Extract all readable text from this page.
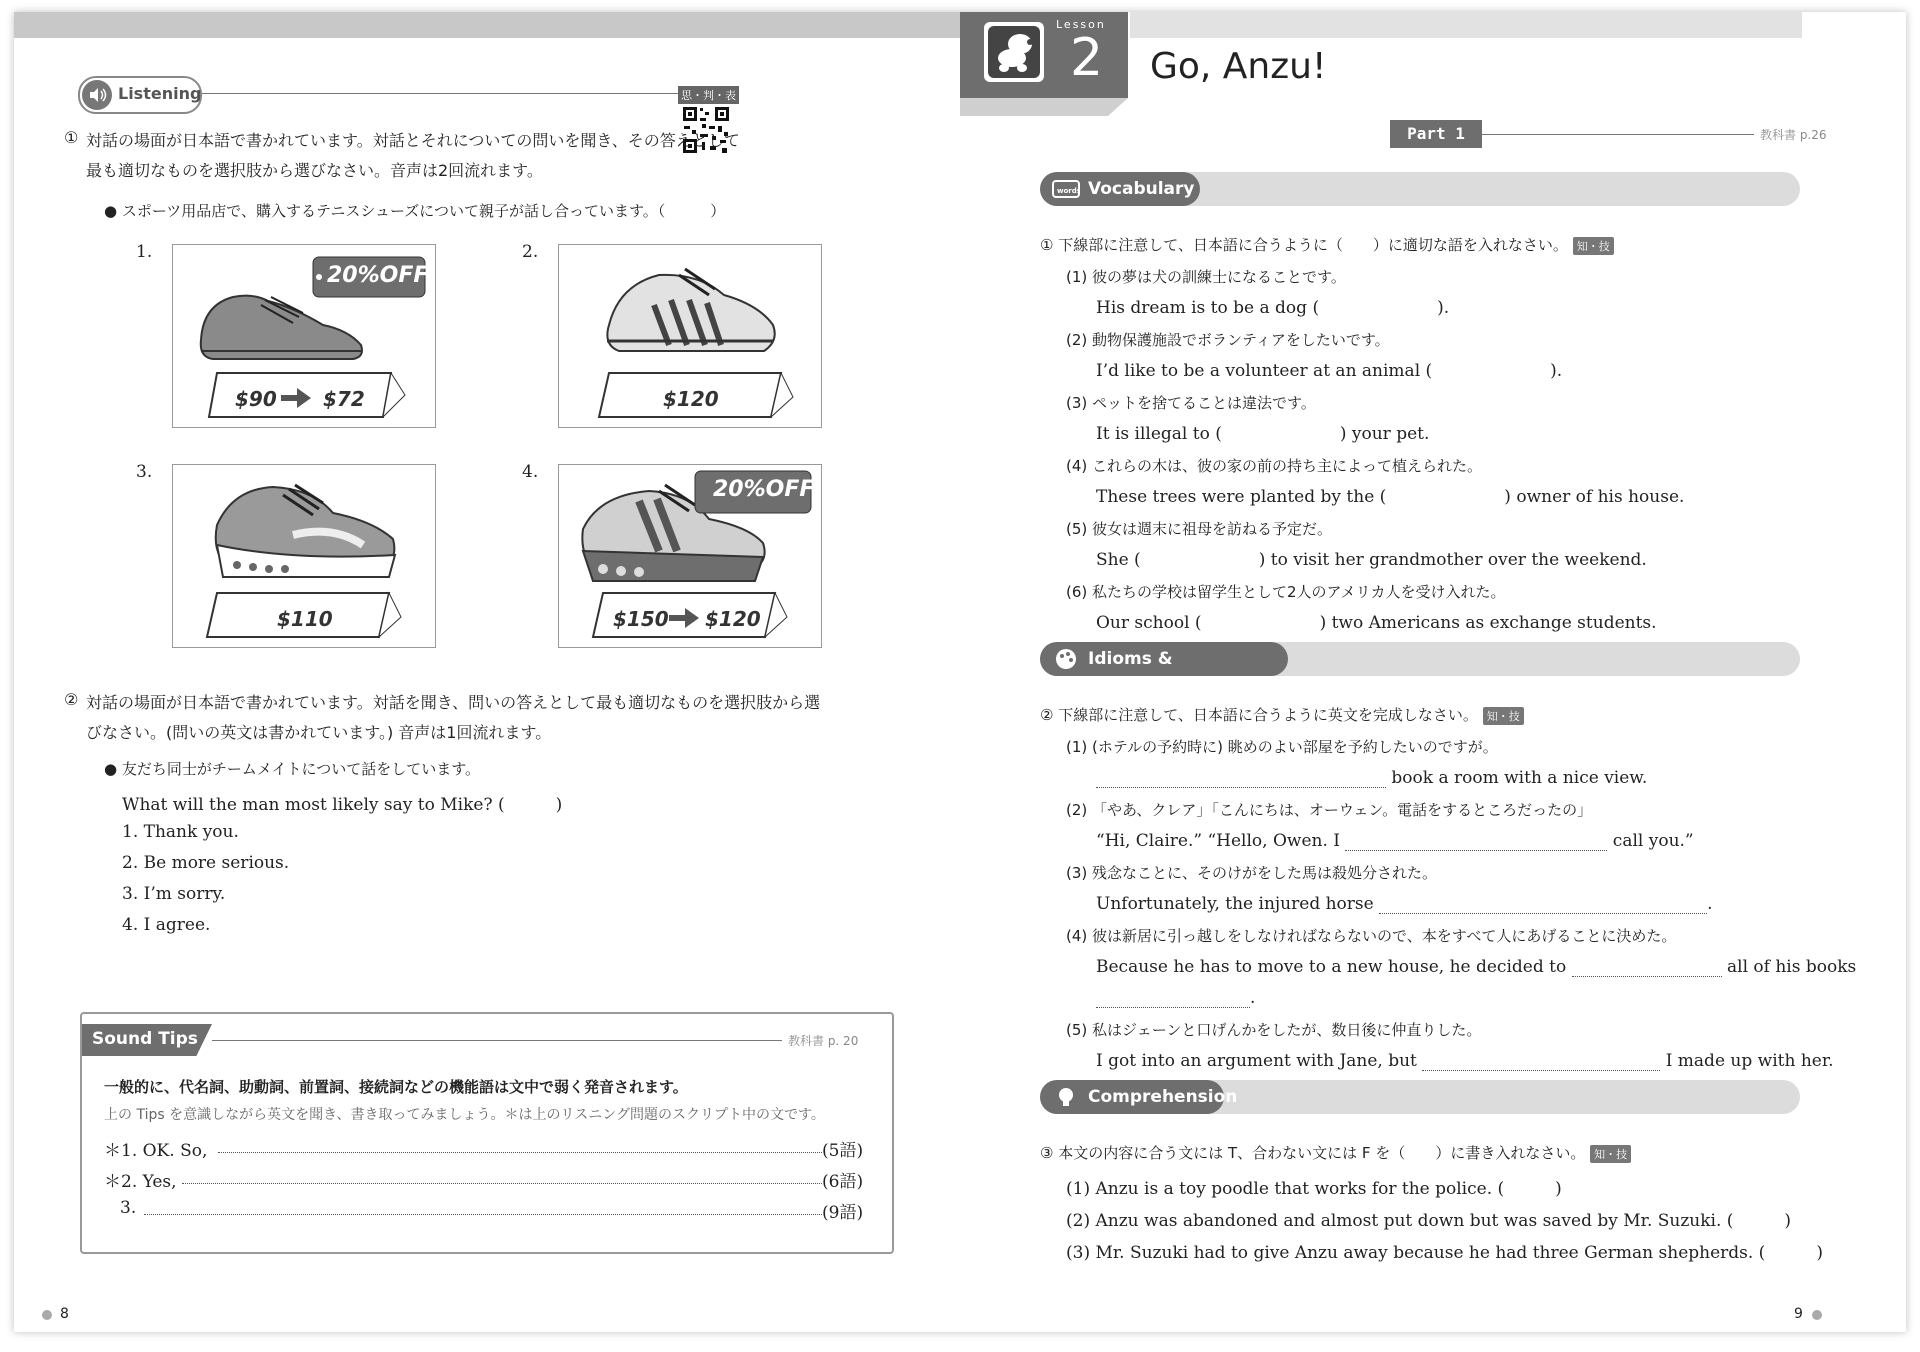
Listening	思・判・表
① 対話の場面が日本語で書かれています。対話とそれについての問いを聞き、その答えとして
最も適切なものを選択肢から選びなさい。音声は2回流れます。
● スポーツ用品店で、購入するテニスシューズについて親子が話し合っています。（　　　）
1.	2.
3.	4.
$90 $72
20%OFF
$120
$110	$150 $120
20%OFF
② 対話の場面が日本語で書かれています。対話を聞き、問いの答えとして最も適切なものを選択肢から選
びなさい。(問いの英文は書かれています。) 音声は1回流れます。
● 友だち同士がチームメイトについて話をしています。
What will the man most likely say to Mike? (　　　)
1. Thank you.
2. Be more serious.
3. I’m sorry.
4. I agree.
Sound Tips	教科書 p. 20
一般的に、代名詞、助動詞、前置詞、接続詞などの機能語は文中で弱く発音されます。
上の Tips を意識しながら英文を聞き、書き取ってみましょう。＊は上のリスニング問題のスクリプト中の文です。
＊1. OK. So,	(5語)
＊2. Yes,	(6語)
3.	(9語)
8
Lesson
2 Go, Anzu!
Part 1	教科書 p.26
words Vocabulary
① 下線部に注意して、日本語に合うように（　　）に適切な語を入れなさい。 知・技
(1) 彼の夢は犬の訓練士になることです。
His dream is to be a dog (	).
(2) 動物保護施設でボランティアをしたいです。
I’d like to be a volunteer at an animal (	).
(3) ペットを捨てることは違法です。
It is illegal to (	) your pet.
(4) これらの木は、彼の家の前の持ち主によって植えられた。
These trees were planted by the (	) owner of his house.
(5) 彼女は週末に祖母を訪ねる予定だ。
She (	) to visit her grandmother over the weekend.
(6) 私たちの学校は留学生として2人のアメリカ人を受け入れた。
Our school (	) two Americans as exchange students.
Idioms & Expressions
② 下線部に注意して、日本語に合うように英文を完成しなさい。 知・技
(1) (ホテルの予約時に) 眺めのよい部屋を予約したいのですが。
book a room with a nice view.
(2) 「やあ、クレア」「こんにちは、オーウェン。電話をするところだったの」
“Hi, Claire.” “Hello, Owen. I	call you.”
(3) 残念なことに、そのけがをした馬は殺処分された。
Unfortunately, the injured horse	.
(4) 彼は新居に引っ越しをしなければならないので、本をすべて人にあげることに決めた。
Because he has to move to a new house, he decided to	all of his books
.
(5) 私はジェーンと口げんかをしたが、数日後に仲直りした。
I got into an argument with Jane, but	I made up with her.
Comprehension
③ 本文の内容に合う文には T、合わない文には F を（　　）に書き入れなさい。 知・技
(1) Anzu is a toy poodle that works for the police. (　　　)
(2) Anzu was abandoned and almost put down but was saved by Mr. Suzuki. (　　　)
(3) Mr. Suzuki had to give Anzu away because he had three German shepherds. (　　　)
9
